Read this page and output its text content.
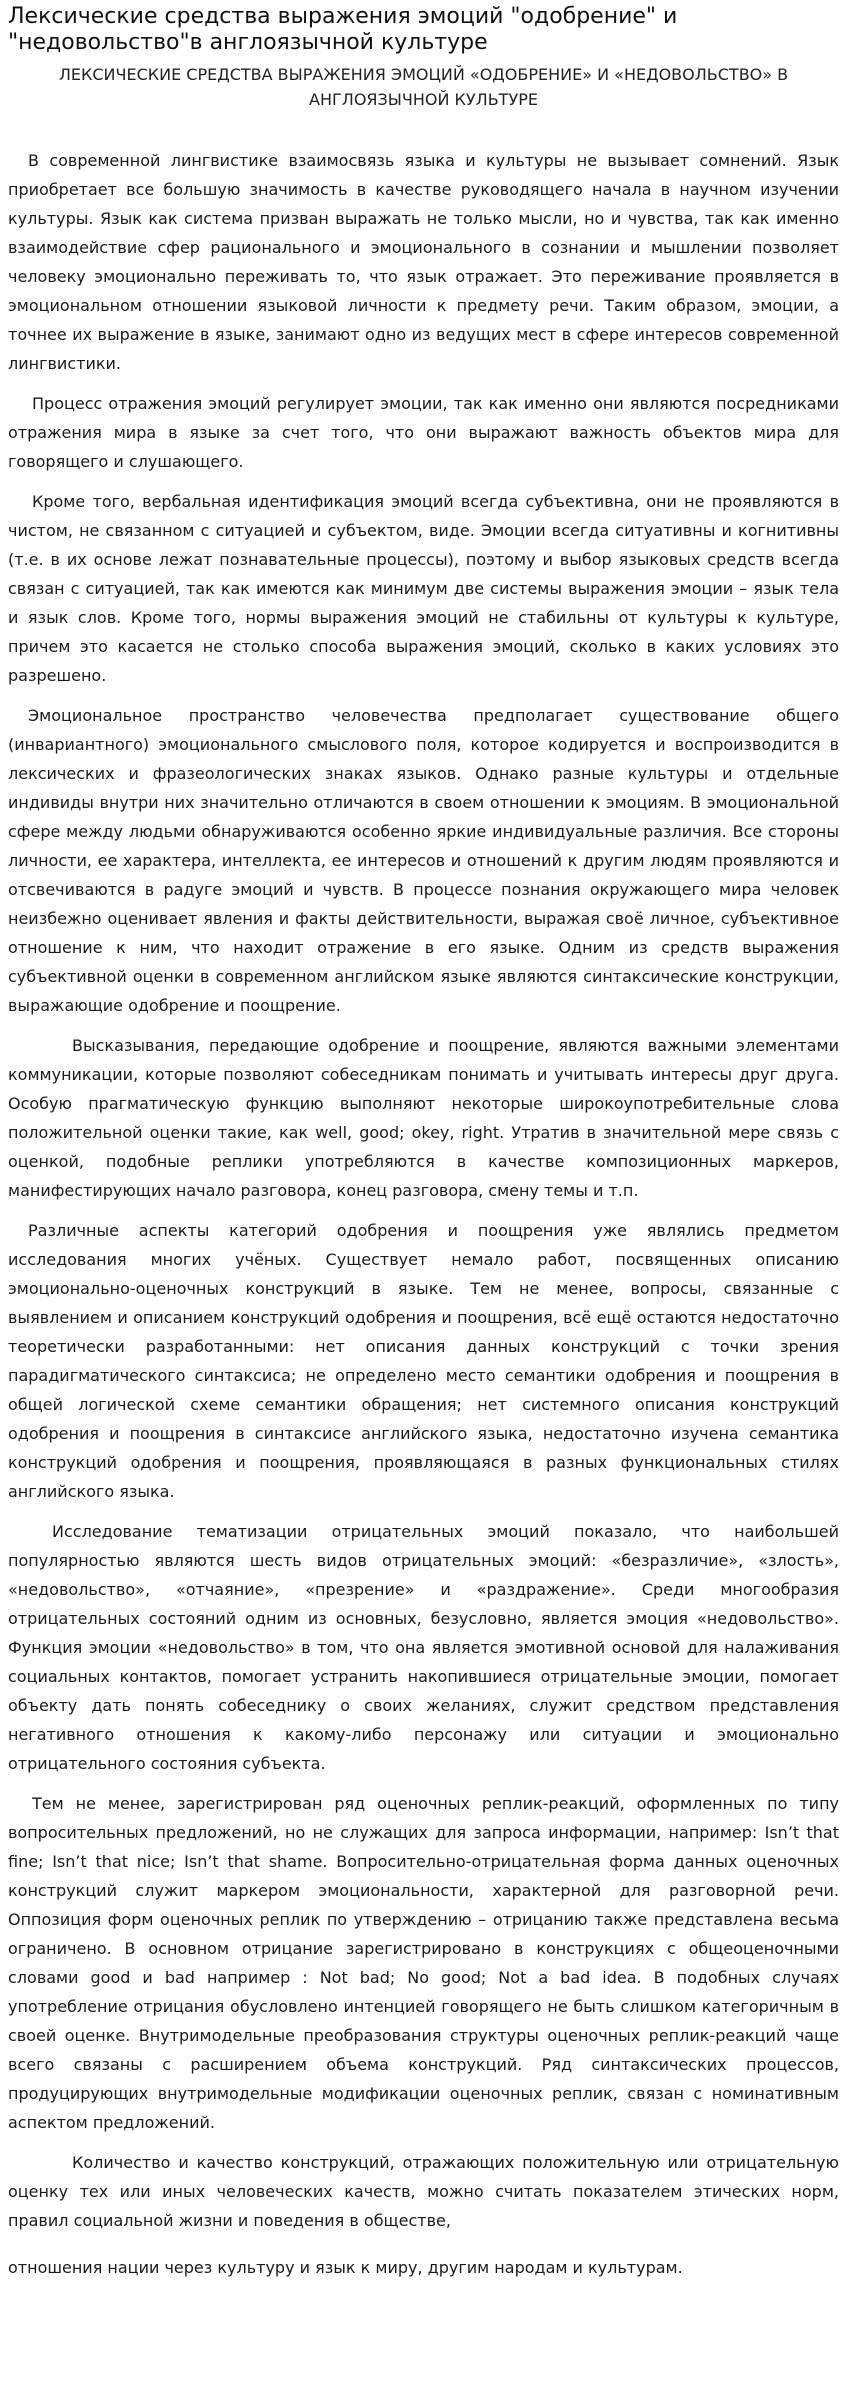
Лексические средства выражения эмоций "одобрение" и "недовольство"в англоязычной культуре
ЛЕКСИЧЕСКИЕ СРЕДСТВА ВЫРАЖЕНИЯ ЭМОЦИЙ «ОДОБРЕНИЕ» И «НЕДОВОЛЬСТВО» В АНГЛОЯЗЫЧНОЙ КУЛЬТУРЕ

В современной лингвистике взаимосвязь языка и культуры не вызывает сомнений. Язык приобретает все большую значимость в качестве руководящего начала в научном изучении культуры. Язык как система призван выражать не только мысли, но и чувства, так как именно взаимодействие сфер рационального и эмоционального в сознании и мышлении позволяет человеку эмоционально переживать то, что язык отражает. Это переживание проявляется в эмоциональном отношении языковой личности к предмету речи. Таким образом, эмоции, а точнее их выражение в языке, занимают одно из ведущих мест в сфере интересов современной лингвистики.

Процесс отражения эмоций регулирует эмоции, так как именно они являются посредниками отражения мира в языке за счет того, что они выражают важность объектов мира для говорящего и слушающего.

Кроме того, вербальная идентификация эмоций всегда субъективна, они не проявляются в чистом, не связанном с ситуацией и субъектом, виде. Эмоции всегда ситуативны и когнитивны (т.е. в их основе лежат познавательные процессы), поэтому и выбор языковых средств всегда связан с ситуацией, так как имеются как минимум две системы выражения эмоции – язык тела и язык слов. Кроме того, нормы выражения эмоций не стабильны от культуры к культуре, причем это касается не столько способа выражения эмоций, сколько в каких условиях это разрешено.

Эмоциональное пространство человечества предполагает существование общего (инвариантного) эмоционального смыслового поля, которое кодируется и воспроизводится в лексических и фразеологических знаках языков. Однако разные культуры и отдельные индивиды внутри них значительно отличаются в своем отношении к эмоциям. В эмоциональной сфере между людьми обнаруживаются особенно яркие индивидуальные различия. Все стороны личности, ее характера, интеллекта, ее интересов и отношений к другим людям проявляются и отсвечиваются в радуге эмоций и чувств. В процессе познания окружающего мира человек неизбежно оценивает явления и факты действительности, выражая своё личное, субъективное отношение к ним, что находит отражение в его языке. Одним из средств выражения субъективной оценки в современном английском языке являются синтаксические конструкции, выражающие одобрение и поощрение.

Высказывания, передающие одобрение и поощрение, являются важными элементами коммуникации, которые позволяют собеседникам понимать и учитывать интересы друг друга. Особую прагматическую функцию выполняют некоторые широкоупотребительные слова положительной оценки такие, как well, good; okey, right. Утратив в значительной мере связь с оценкой, подобные реплики употребляются в качестве композиционных маркеров, манифестирующих начало разговора, конец разговора, смену темы и т.п.

Различные аспекты категорий одобрения и поощрения уже являлись предметом исследования многих учёных. Существует немало работ, посвященных описанию эмоционально-оценочных конструкций в языке. Тем не менее, вопросы, связанные с выявлением и описанием конструкций одобрения и поощрения, всё ещё остаются недостаточно теоретически разработанными: нет описания данных конструкций с точки зрения парадигматического синтаксиса; не определено место семантики одобрения и поощрения в общей логической схеме семантики обращения; нет системного описания конструкций одобрения и поощрения в синтаксисе английского языка, недостаточно изучена семантика конструкций одобрения и поощрения, проявляющаяся в разных функциональных стилях английского языка.

Исследование тематизации отрицательных эмоций показало, что наибольшей популярностью являются шесть видов отрицательных эмоций: «безразличие», «злость», «недовольство», «отчаяние», «презрение» и «раздражение». Среди многообразия отрицательных состояний одним из основных, безусловно, является эмоция «недовольство». Функция эмоции «недовольство» в том, что она является эмотивной основой для налаживания социальных контактов, помогает устранить накопившиеся отрицательные эмоции, помогает объекту дать понять собеседнику о своих желаниях, служит средством представления негативного отношения к какому-либо персонажу или ситуации и эмоционально отрицательного состояния субъекта.

Тем не менее, зарегистрирован ряд оценочных реплик-реакций, оформленных по типу вопросительных предложений, но не служащих для запроса информации, например: Isn’t that fine; Isn’t that nice; Isn’t that shame. Вопросительно-отрицательная форма данных оценочных конструкций служит маркером эмоциональности, характерной для разговорной речи. Оппозиция форм оценочных реплик по утверждению – отрицанию также представлена весьма ограничено. В основном отрицание зарегистрировано в конструкциях с общеоценочными словами good и bad например : Not bad; No good; Not a bad idea. В подобных случаях употребление отрицания обусловлено интенцией говорящего не быть слишком категоричным в своей оценке. Внутримодельные преобразования структуры оценочных реплик-реакций чаще всего связаны с расширением объема конструкций. Ряд синтаксических процессов, продуцирующих внутримодельные модификации оценочных реплик, связан с номинативным аспектом предложений.

Количество и качество конструкций, отражающих положительную или отрицательную оценку тех или иных человеческих качеств, можно считать показателем этических норм, правил социальной жизни и поведения в обществе,

отношения нации через культуру и язык к миру, другим народам и культурам.
